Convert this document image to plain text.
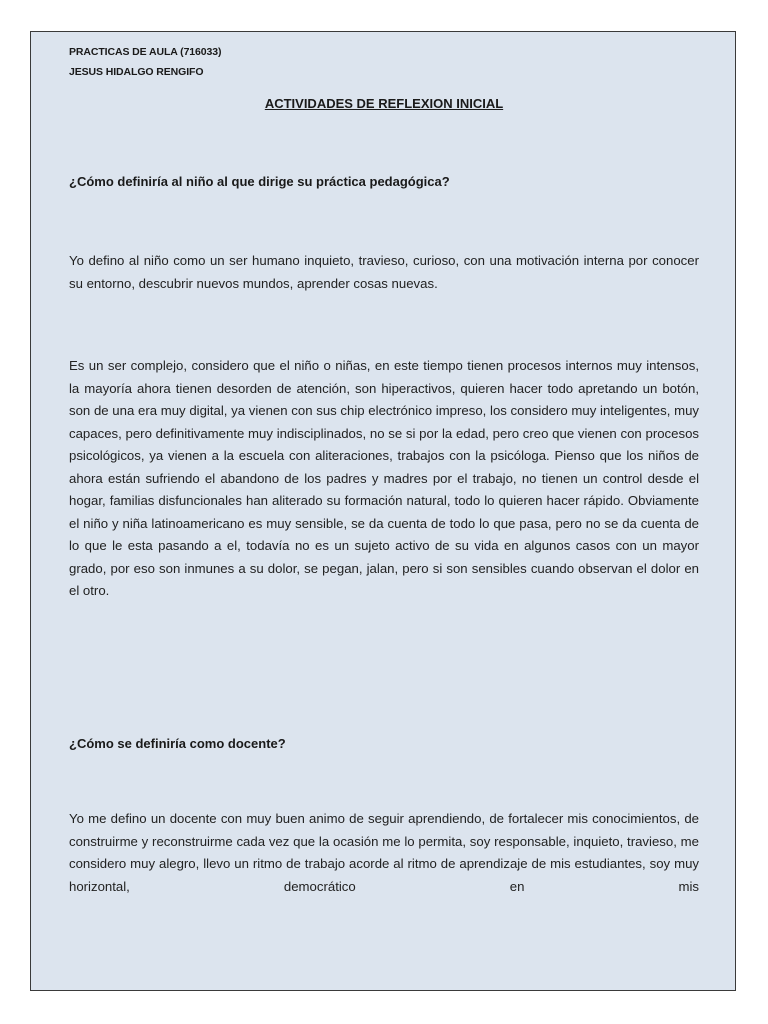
PRACTICAS DE AULA (716033)
JESUS HIDALGO RENGIFO
ACTIVIDADES DE REFLEXION INICIAL
¿Cómo definiría al niño al que dirige su práctica pedagógica?
Yo defino al niño como un ser humano inquieto, travieso, curioso, con una motivación interna por conocer su entorno, descubrir nuevos mundos, aprender cosas nuevas.
Es un ser complejo, considero que el niño o niñas, en este tiempo tienen procesos internos muy intensos, la mayoría ahora tienen desorden de atención, son hiperactivos, quieren hacer todo apretando un botón, son de una era muy digital, ya vienen con sus chip electrónico impreso, los considero muy inteligentes, muy capaces, pero definitivamente muy indisciplinados, no se si por la edad, pero creo que vienen con procesos psicológicos, ya vienen a la escuela con aliteraciones, trabajos con la psicóloga. Pienso que los niños de ahora están sufriendo el abandono de los padres y madres por el trabajo, no tienen un control desde el hogar, familias disfuncionales han aliterado su formación natural, todo lo quieren hacer rápido. Obviamente el niño y niña latinoamericano es muy sensible, se da cuenta de todo lo que pasa, pero no se da cuenta de lo que le esta pasando a el, todavía no es un sujeto activo de su vida en algunos casos con un mayor grado, por eso son inmunes a su dolor, se pegan, jalan, pero si son sensibles cuando observan el dolor en el otro.
¿Cómo se definiría como docente?
Yo me defino un docente con muy buen animo de seguir aprendiendo, de fortalecer mis conocimientos, de construirme y reconstruirme cada vez que la ocasión me lo permita, soy responsable, inquieto, travieso, me considero muy alegro, llevo un ritmo de trabajo acorde al ritmo de aprendizaje de mis estudiantes, soy muy horizontal, democrático en mis
